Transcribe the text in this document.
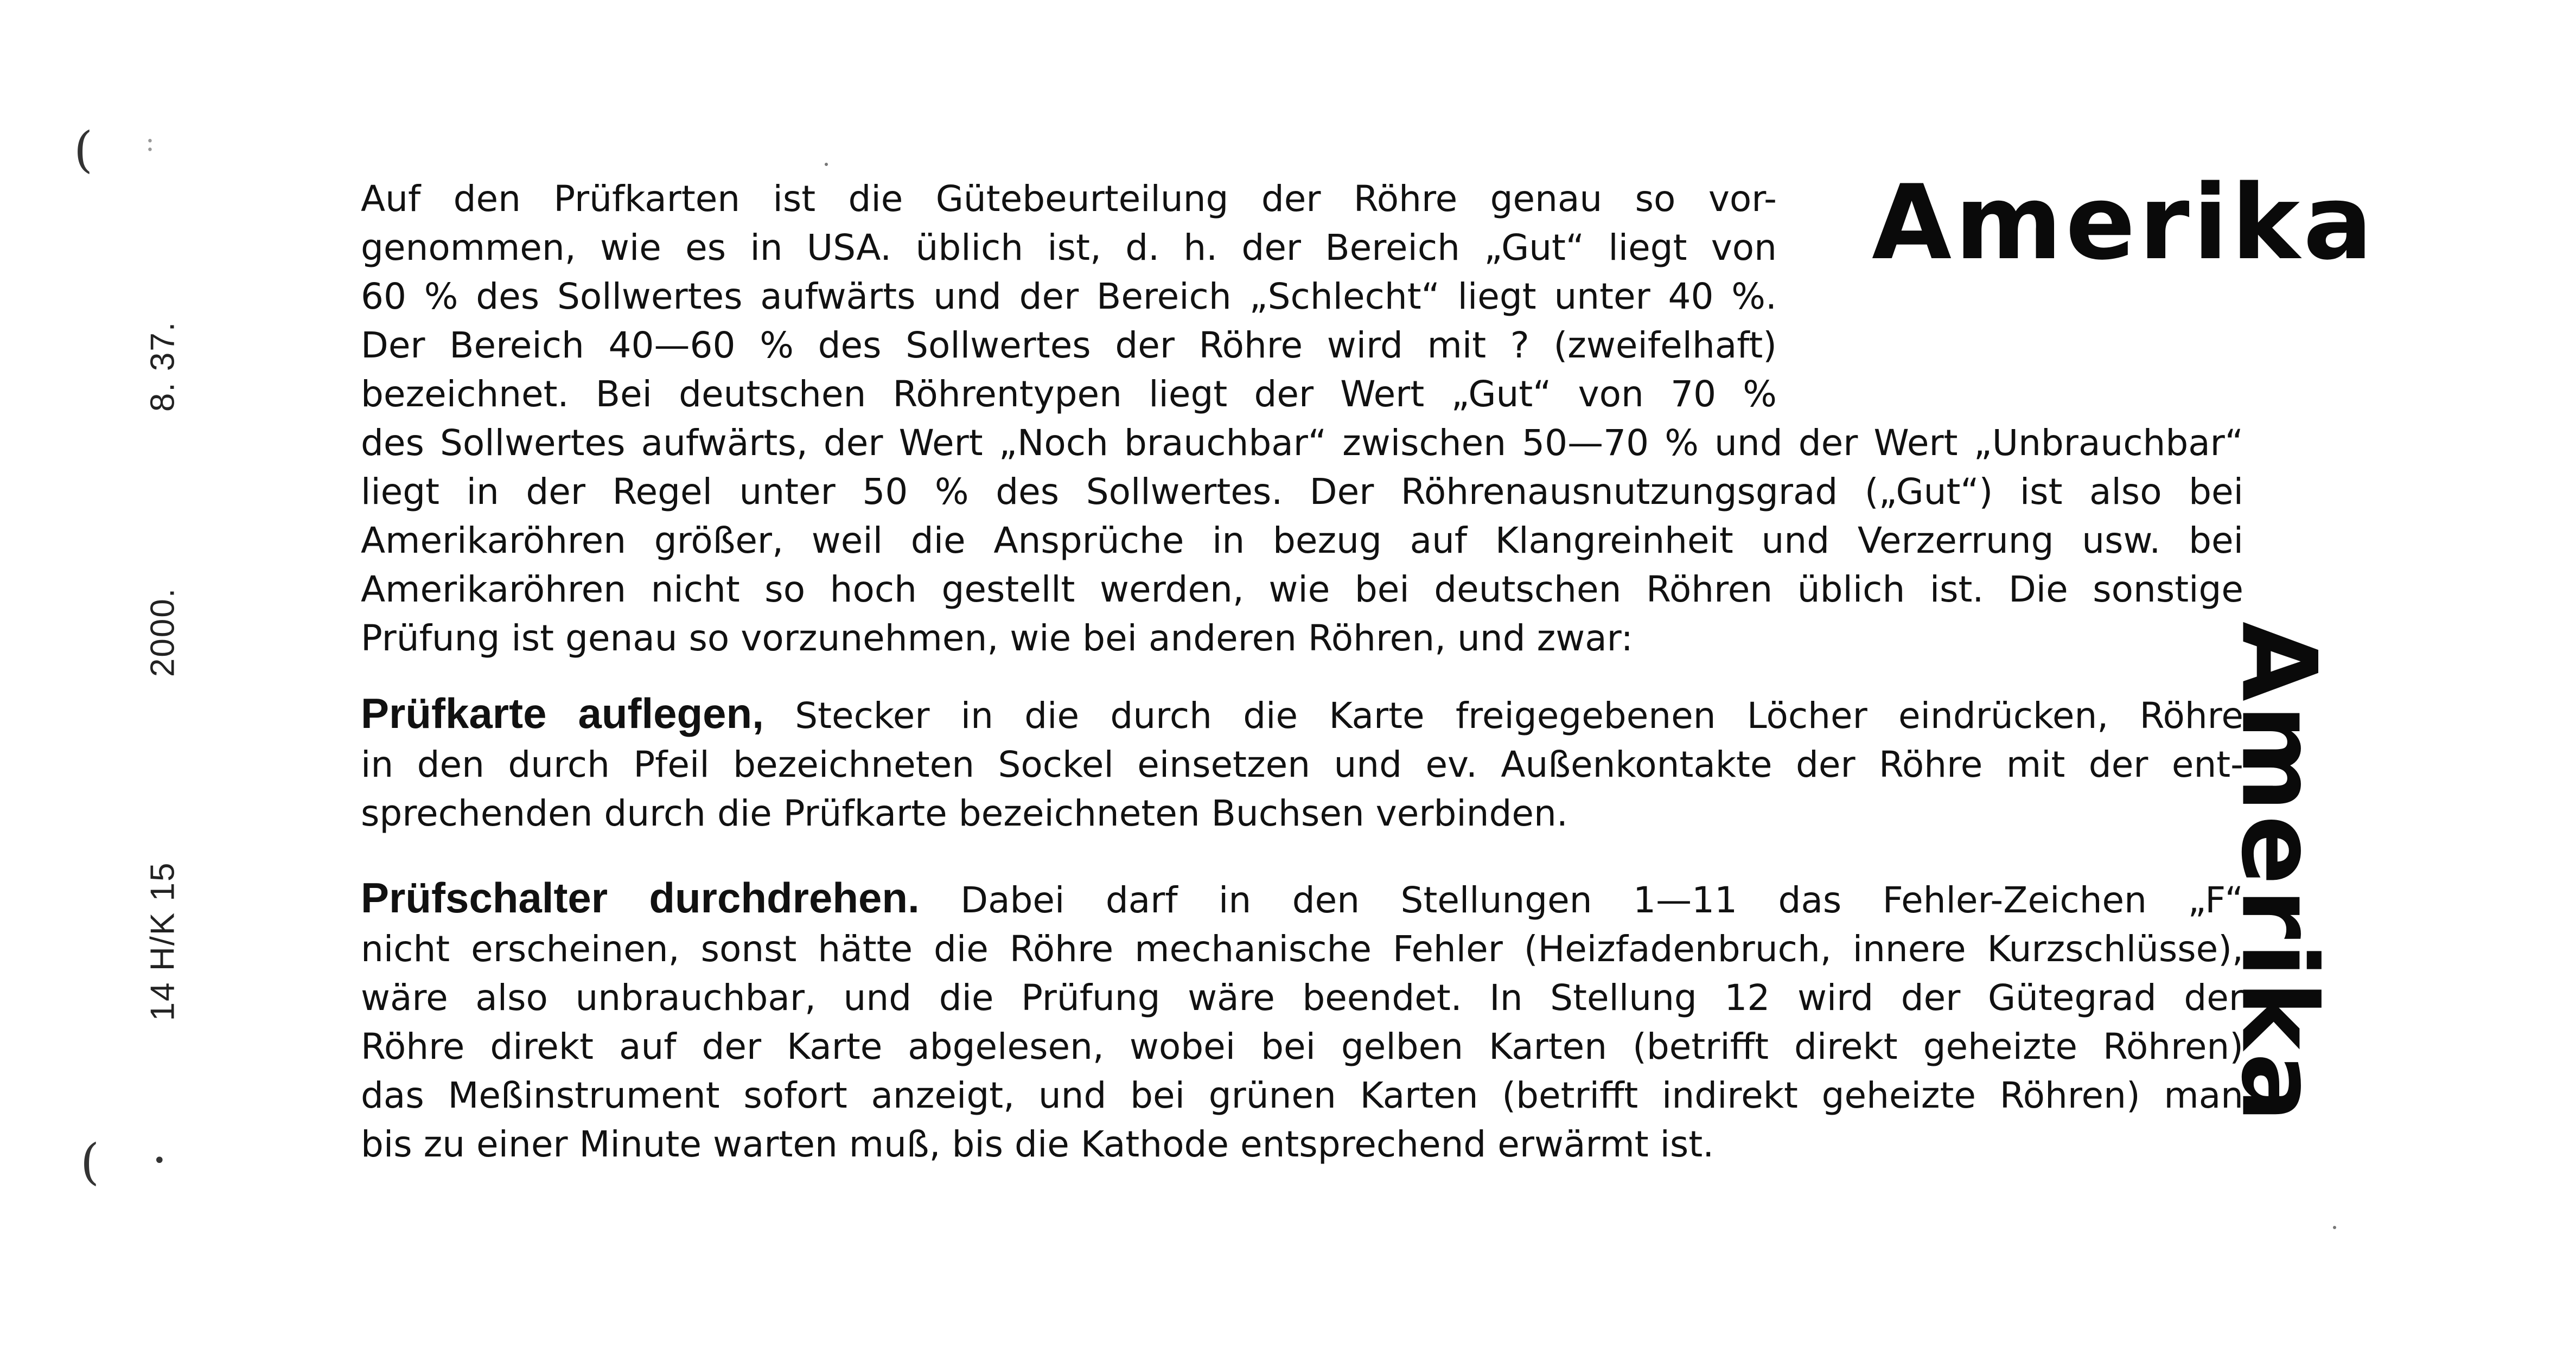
( :
( •
8. 37.
2000.
14 H/K 15
Amerika
Amerika
Auf den Prüfkarten ist die Gütebeurteilung der Röhre genau so vor-
genommen, wie es in USA. üblich ist, d. h. der Bereich „Gut“ liegt von
60 % des Sollwertes aufwärts und der Bereich „Schlecht“ liegt unter 40 %.
Der Bereich 40—60 % des Sollwertes der Röhre wird mit ? (zweifelhaft)
bezeichnet. Bei deutschen Röhrentypen liegt der Wert „Gut“ von 70 %
des Sollwertes aufwärts, der Wert „Noch brauchbar“ zwischen 50—70 % und der Wert „Unbrauchbar“
liegt in der Regel unter 50 % des Sollwertes. Der Röhrenausnutzungsgrad („Gut“) ist also bei
Amerikaröhren größer, weil die Ansprüche in bezug auf Klangreinheit und Verzerrung usw. bei
Amerikaröhren nicht so hoch gestellt werden, wie bei deutschen Röhren üblich ist. Die sonstige
Prüfung ist genau so vorzunehmen, wie bei anderen Röhren, und zwar:
Prüfkarte auflegen, Stecker in die durch die Karte freigegebenen Löcher eindrücken, Röhre
in den durch Pfeil bezeichneten Sockel einsetzen und ev. Außenkontakte der Röhre mit der ent-
sprechenden durch die Prüfkarte bezeichneten Buchsen verbinden.
Prüfschalter durchdrehen. Dabei darf in den Stellungen 1—11 das Fehler-Zeichen „F“
nicht erscheinen, sonst hätte die Röhre mechanische Fehler (Heizfadenbruch, innere Kurzschlüsse),
wäre also unbrauchbar, und die Prüfung wäre beendet. In Stellung 12 wird der Gütegrad der
Röhre direkt auf der Karte abgelesen, wobei bei gelben Karten (betrifft direkt geheizte Röhren)
das Meßinstrument sofort anzeigt, und bei grünen Karten (betrifft indirekt geheizte Röhren) man
bis zu einer Minute warten muß, bis die Kathode entsprechend erwärmt ist.
